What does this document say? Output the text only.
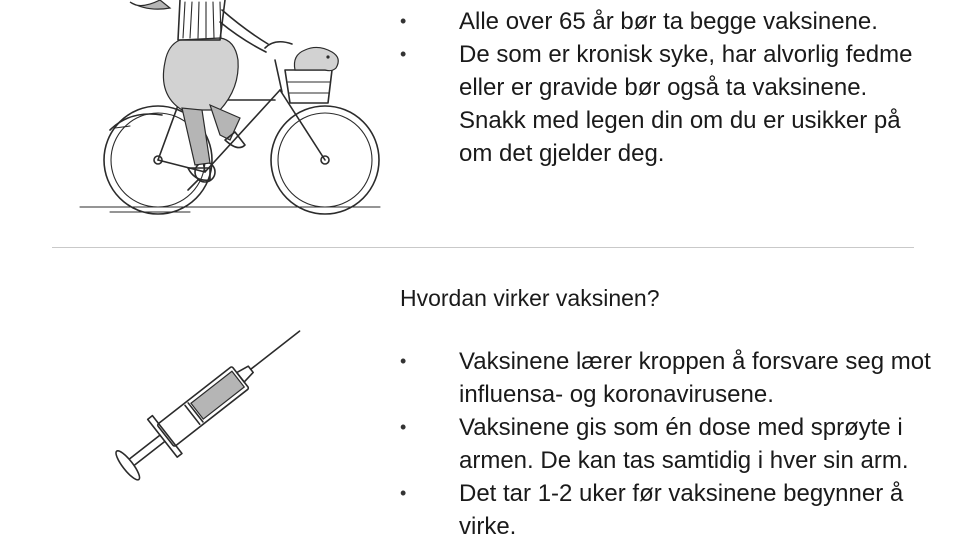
• Alle over 65 år bør ta begge vaksinene.
• De som er kronisk syke, har alvorlig fedme eller er gravide bør også ta vaksinene. Snakk med legen din om du er usikker på om det gjelder deg.
Hvordan virker vaksinen?
• Vaksinene lærer kroppen å forsvare seg mot influensa- og koronavirusene.
• Vaksinene gis som én dose med sprøyte i armen. De kan tas samtidig i hver sin arm.
• Det tar 1-2 uker før vaksinene begynner å virke.
